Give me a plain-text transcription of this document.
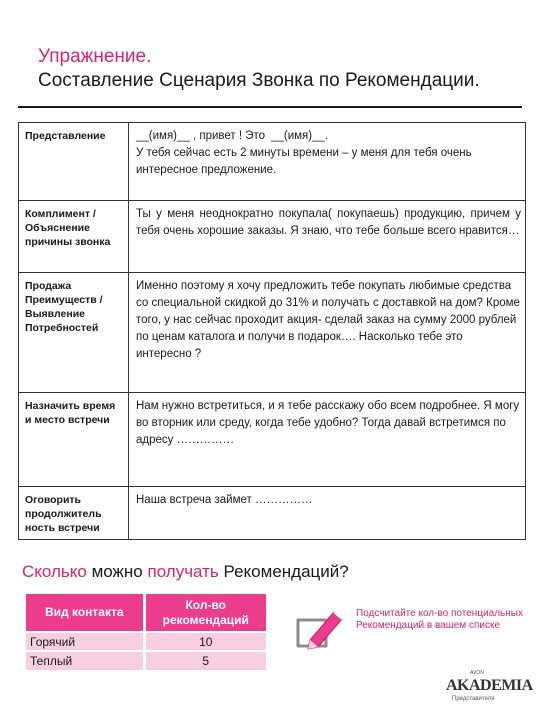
Упражнение.
Составление Сценария Звонка по Рекомендации.
Представление	__(имя)__ , привет ! Это __(имя)__.
У тебя сейчас есть 2 минуты времени – у меня для тебя очень интересное предложение.
Комплимент / Объяснение причины звонка	Ты у меня неоднократно покупала( покупаешь) продукцию, причем у тебя очень хорошие заказы. Я знаю, что тебе больше всего нравится…
Продажа Преимуществ / Выявление Потребностей	Именно поэтому я хочу предложить тебе покупать любимые средства со специальной скидкой до 31% и получать с доставкой на дом? Кроме того, у нас сейчас проходит акция- сделай заказ на сумму 2000 рублей по ценам каталога и получи в подарок…. Насколько тебе это интересно ?
Назначить время и место встречи	Нам нужно встретиться, и я тебе расскажу обо всем подробнее. Я могу во вторник или среду, когда тебе удобно? Тогда давай встретимся по адресу ……………
Оговорить продолжитель ность встречи	Наша встреча займет ……………
Сколько можно получать Рекомендаций?
Вид контакта	Кол-во рекомендаций
Горячий	10
Теплый	5
Подсчитайте кол-во потенциальных Рекомендаций в вашем списке
AVON
AKADEMIA
Представителя
